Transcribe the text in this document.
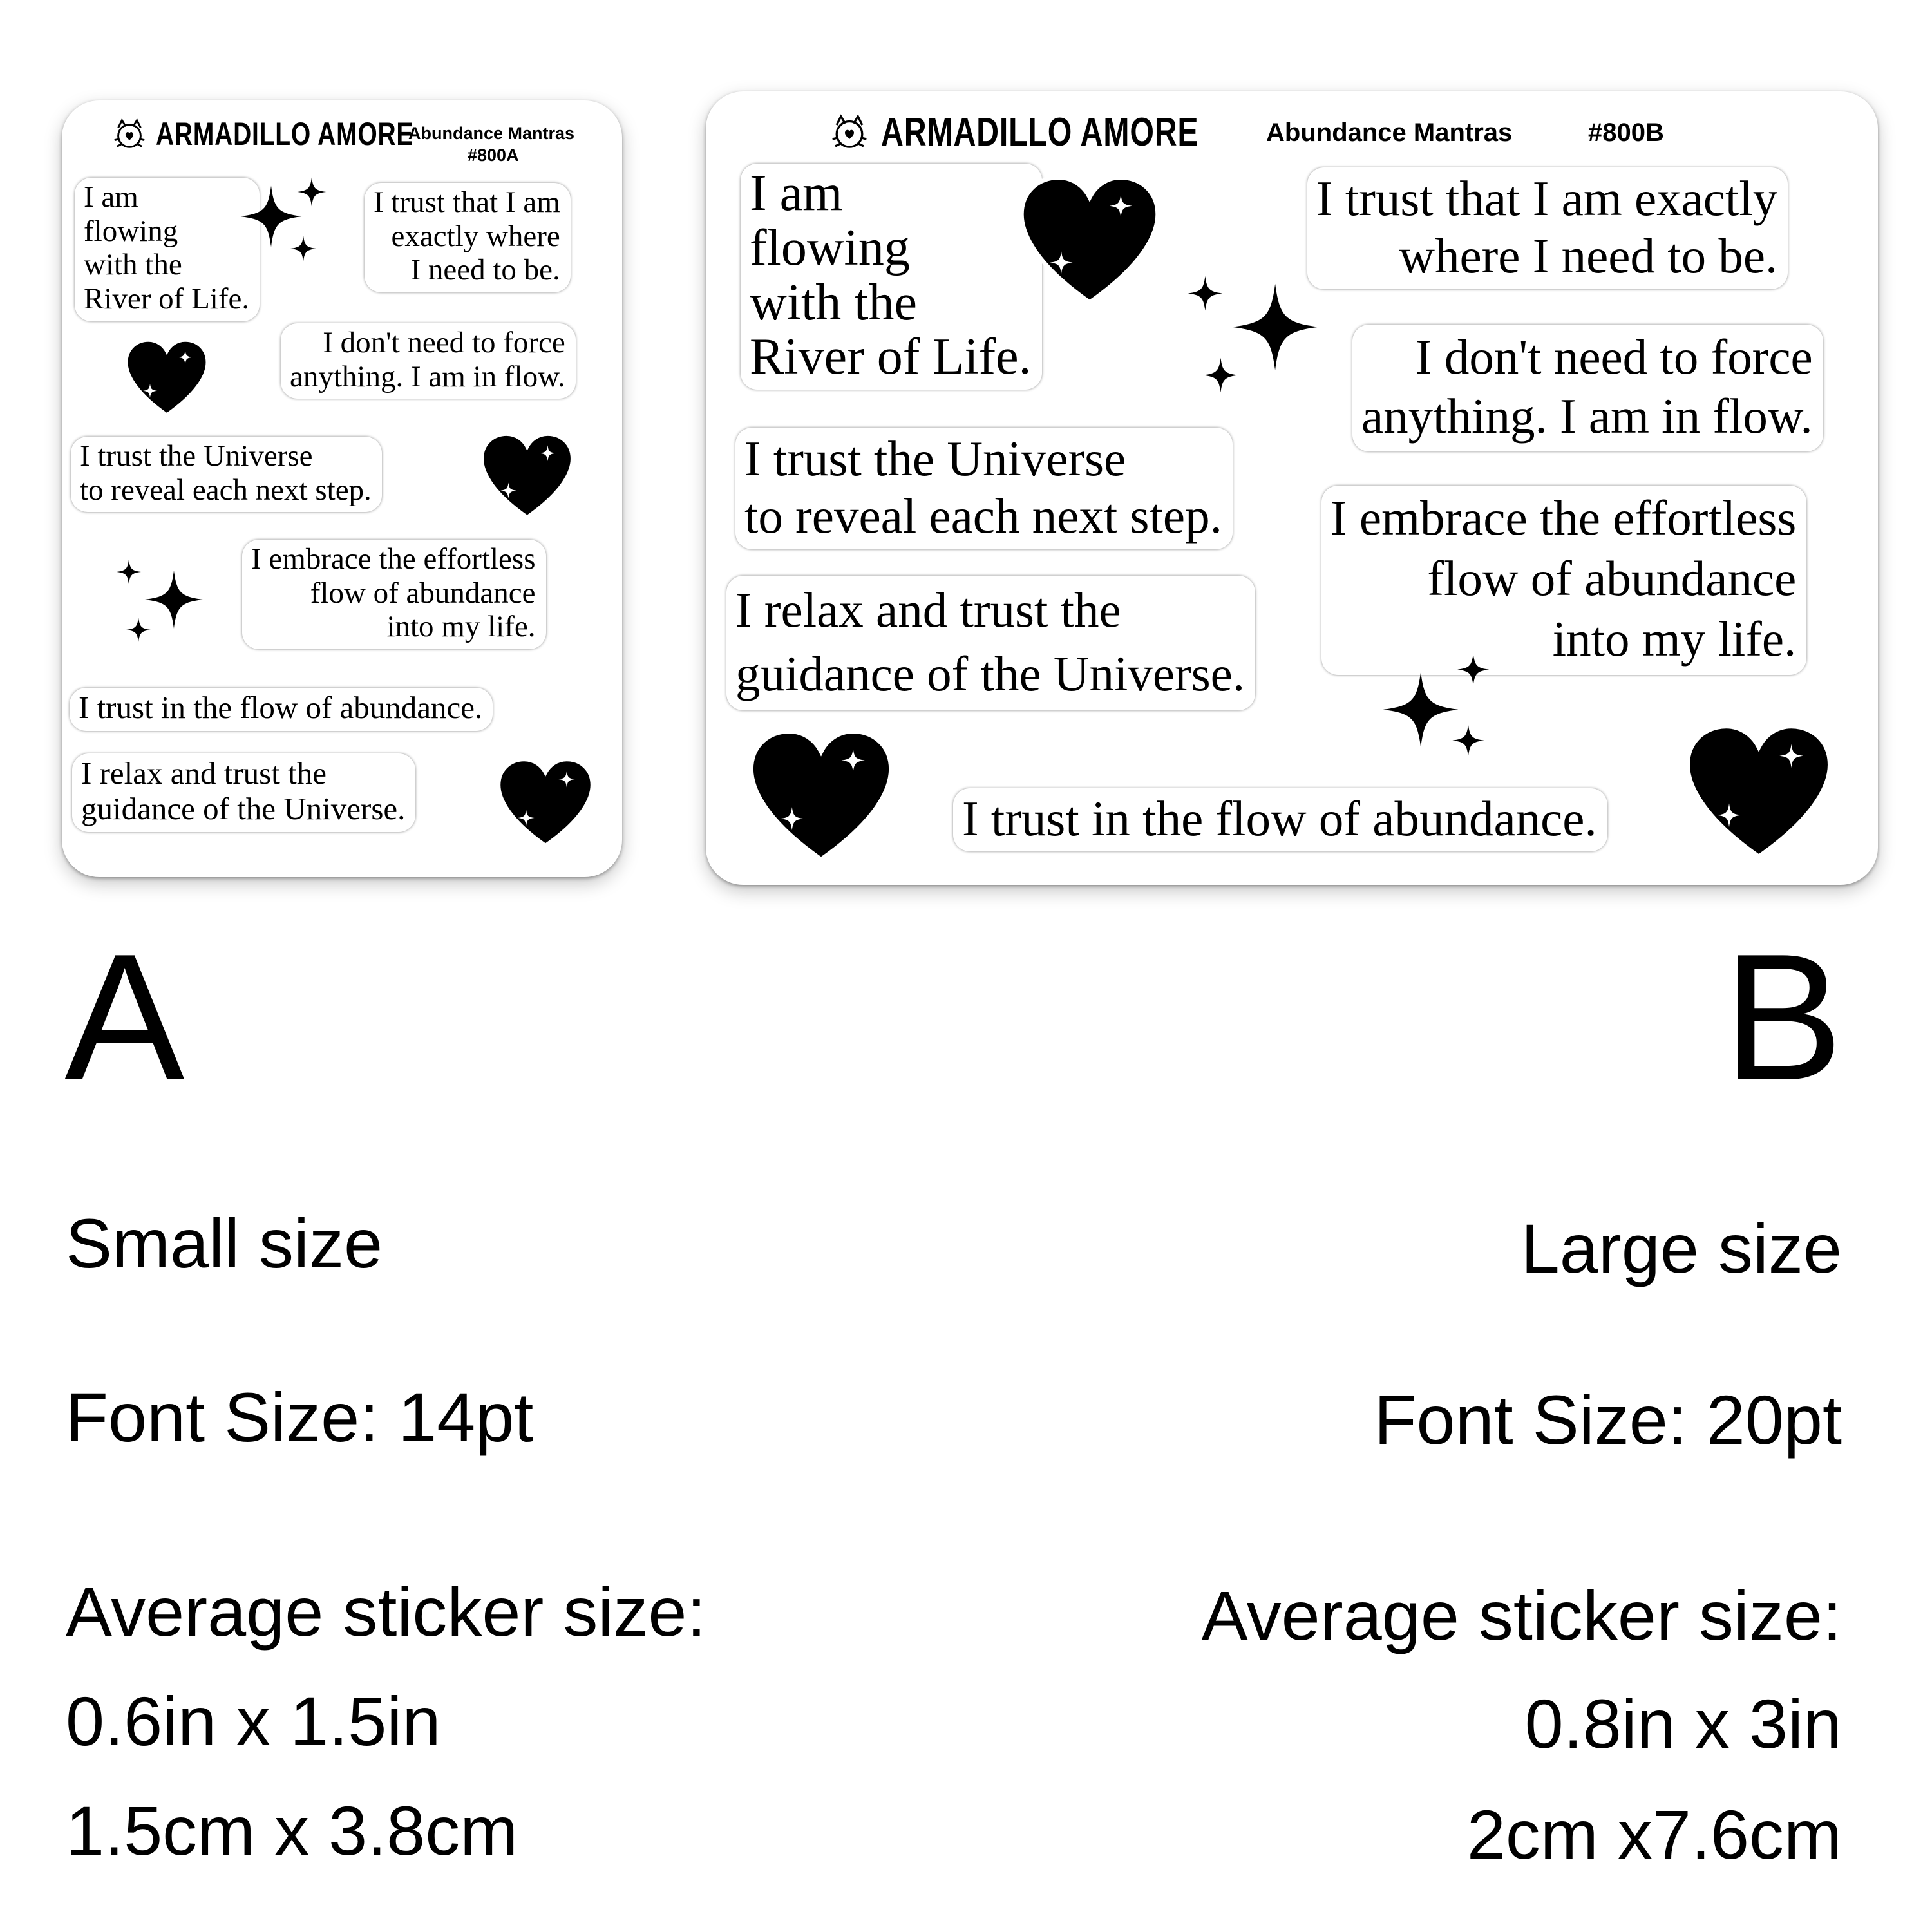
ARMADILLO AMORE
Abundance Mantras
#800A
I am
flowing
with the
River of Life.
I trust that I am
exactly where
I need to be.
I don't need to force
anything. I am in flow.
I trust the Universe
to reveal each next step.
I embrace the effortless
flow of abundance
into my life.
I trust in the flow of abundance.
I relax and trust the
guidance of the Universe.
ARMADILLO AMORE	Abundance Mantras	#800B
I am
flowing
with the
River of Life.
I trust that I am exactly
where I need to be.
I don't need to force
anything. I am in flow.
I trust the Universe
to reveal each next step. I embrace the effortless
flow of abundance
into my life.
I relax and trust the
guidance of the Universe.
I trust in the flow of abundance.
A	B
Small size	Large size
Font Size: 14pt	Font Size: 20pt
Average sticker size:	Average sticker size:
0.6in x 1.5in	0.8in x 3in
1.5cm x 3.8cm	2cm x7.6cm
